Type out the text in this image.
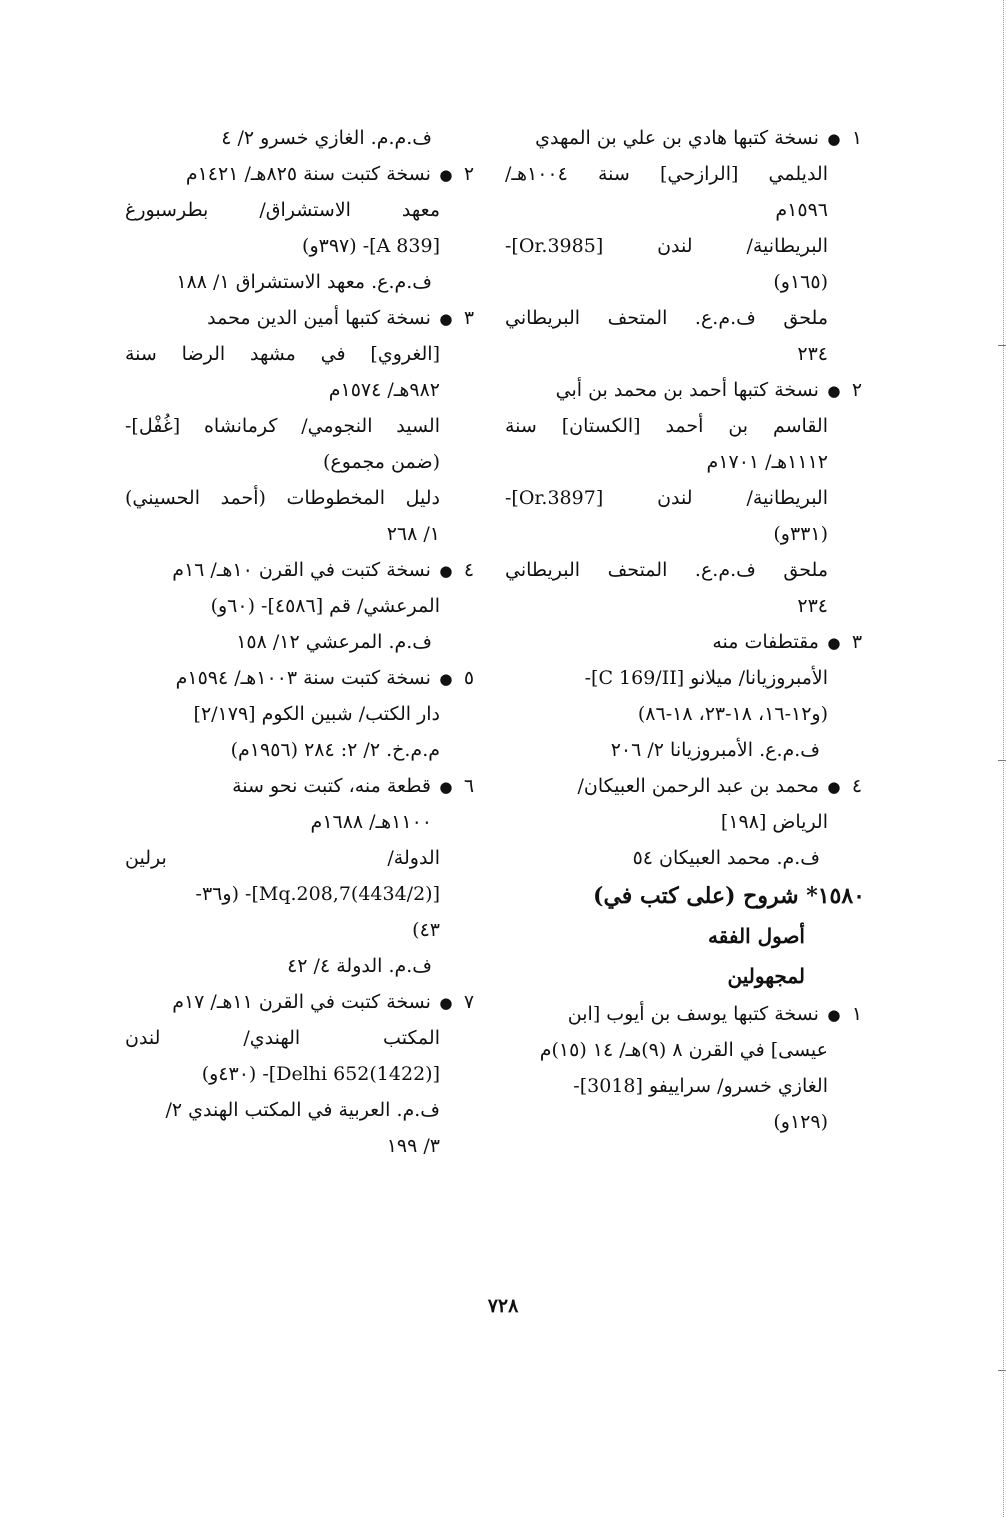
١ ● نسخة كتبها هادي بن علي بن المهدي
الديلمي [الرازحي] سنة ١٠٠٤هـ/
١٥٩٦م
البريطانية/ لندن [Or.3985]-
(١٦٥و)
ملحق ف.م.ع. المتحف البريطاني
٢٣٤
٢ ● نسخة كتبها أحمد بن محمد بن أبي
القاسم بن أحمد [الكستان] سنة
١١١٢هـ/ ١٧٠١م
البريطانية/ لندن [Or.3897]-
(٣٣١و)
ملحق ف.م.ع. المتحف البريطاني
٢٣٤
٣ ● مقتطفات منه
الأمبروزيانا/ ميلانو [C 169/II]-
(و١٢-١٦، ١٨-٢٣، ١٨-٨٦)
ف.م.ع. الأمبروزيانا ٢/ ٢٠٦
٤ ● محمد بن عبد الرحمن العبيكان/
الرياض [١٩٨]
ف.م. محمد العبيكان ٥٤
١٥٨٠* شروح (على كتب في)
أصول الفقه
لمجهولين
١ ● نسخة كتبها يوسف بن أيوب [ابن
عيسى] في القرن ٨ (٩)هـ/ ١٤ (١٥)م
الغازي خسرو/ سراييفو [3018]-
(١٢٩و)
ف.م.م. الغازي خسرو ٢/ ٤
٢ ● نسخة كتبت سنة ٨٢٥هـ/ ١٤٢١م
معهد الاستشراق/ بطرسبورغ
[A 839]- (٣٩٧و)
ف.م.ع. معهد الاستشراق ١/ ١٨٨
٣ ● نسخة كتبها أمين الدين محمد
[الغروي] في مشهد الرضا سنة
٩٨٢هـ/ ١٥٧٤م
السيد النجومي/ كرمانشاه [غُفْل]-
(ضمن مجموع)
دليل المخطوطات (أحمد الحسيني)
١/ ٢٦٨
٤ ● نسخة كتبت في القرن ١٠هـ/ ١٦م
المرعشي/ قم [٤٥٨٦]- (٦٠و)
ف.م. المرعشي ١٢/ ١٥٨
٥ ● نسخة كتبت سنة ١٠٠٣هـ/ ١٥٩٤م
دار الكتب/ شبين الكوم [٢/١٧٩]
م.م.خ. ٢/ ٢: ٢٨٤ (١٩٥٦م)
٦ ● قطعة منه، كتبت نحو سنة
١١٠٠هـ/ ١٦٨٨م
الدولة/ برلين
[Mq.208,7(4434/2)]- (و٣٦-
٤٣)
ف.م. الدولة ٤/ ٤٢
٧ ● نسخة كتبت في القرن ١١هـ/ ١٧م
المكتب الهندي/ لندن
[Delhi 652(1422)]- (٤٣٠و)
ف.م. العربية في المكتب الهندي ٢/
٣/ ١٩٩
٧٢٨
